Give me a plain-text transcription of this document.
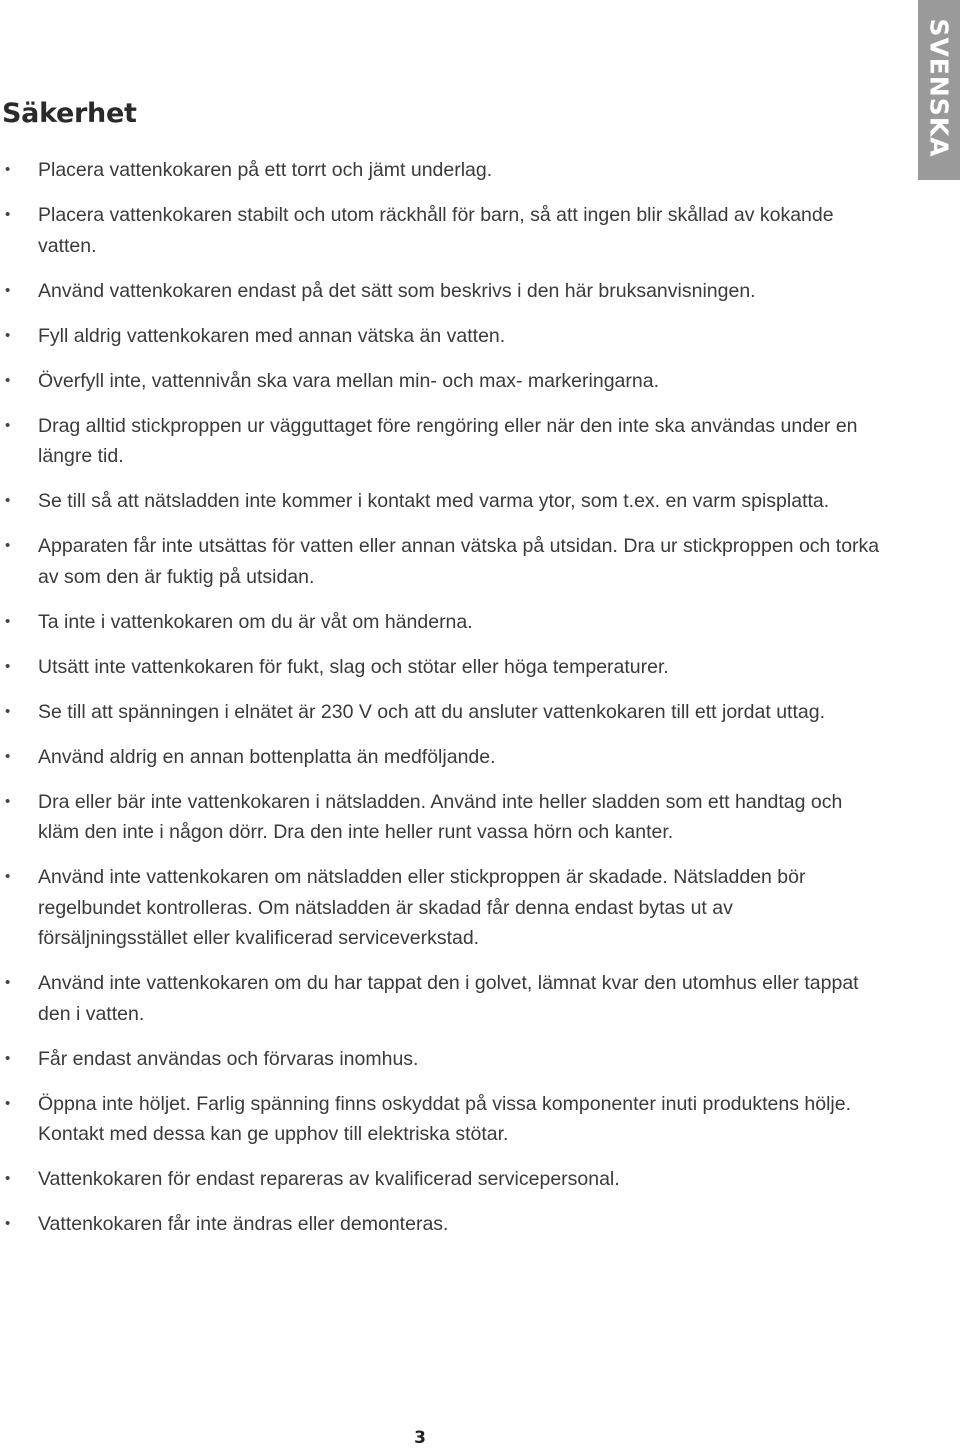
SVENSKA
Säkerhet
• Placera vattenkokaren på ett torrt och jämt underlag.
• Placera vattenkokaren stabilt och utom räckhåll för barn, så att ingen blir skållad av kokande vatten.
• Använd vattenkokaren endast på det sätt som beskrivs i den här bruksanvisningen.
• Fyll aldrig vattenkokaren med annan vätska än vatten.
• Överfyll inte, vattennivån ska vara mellan min- och max- markeringarna.
• Drag alltid stickproppen ur vägguttaget före rengöring eller när den inte ska användas under en längre tid.
• Se till så att nätsladden inte kommer i kontakt med varma ytor, som t.ex. en varm spisplatta.
• Apparaten får inte utsättas för vatten eller annan vätska på utsidan. Dra ur stickproppen och torka av som den är fuktig på utsidan.
• Ta inte i vattenkokaren om du är våt om händerna.
• Utsätt inte vattenkokaren för fukt, slag och stötar eller höga temperaturer.
• Se till att spänningen i elnätet är 230 V och att du ansluter vattenkokaren till ett jordat uttag.
• Använd aldrig en annan bottenplatta än medföljande.
• Dra eller bär inte vattenkokaren i nätsladden. Använd inte heller sladden som ett handtag och kläm den inte i någon dörr. Dra den inte heller runt vassa hörn och kanter.
• Använd inte vattenkokaren om nätsladden eller stickproppen är skadade. Nätsladden bör regelbundet kontrolleras. Om nätsladden är skadad får denna endast bytas ut av försäljningsstället eller kvalificerad serviceverkstad.
• Använd inte vattenkokaren om du har tappat den i golvet, lämnat kvar den utomhus eller tappat den i vatten.
• Får endast användas och förvaras inomhus.
• Öppna inte höljet. Farlig spänning finns oskyddat på vissa komponenter inuti produktens hölje. Kontakt med dessa kan ge upphov till elektriska stötar.
• Vattenkokaren för endast repareras av kvalificerad servicepersonal.
• Vattenkokaren får inte ändras eller demonteras.
3
